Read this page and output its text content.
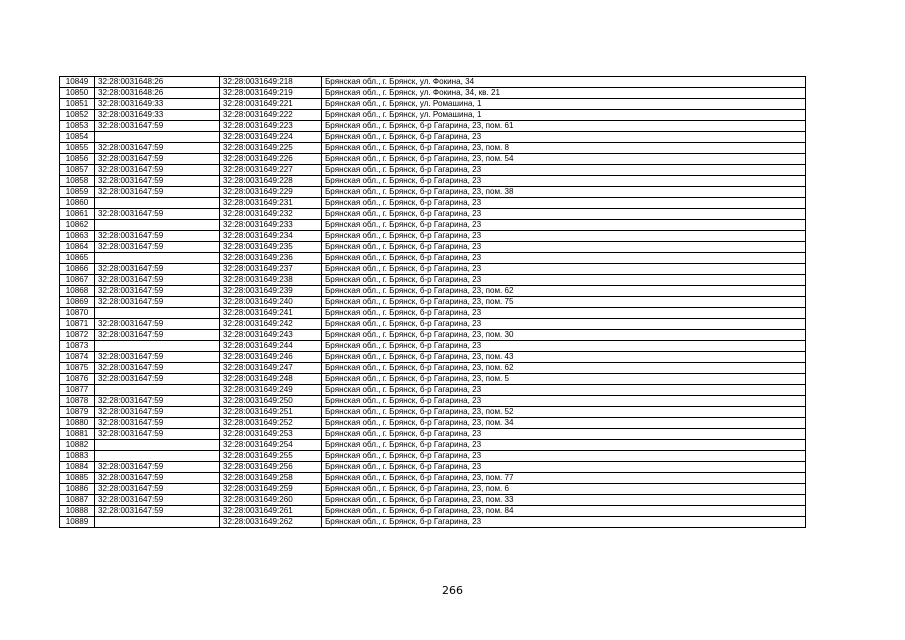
10849	32:28:0031648:26	32:28:0031649:218	Брянская обл., г. Брянск, ул. Фокина, 34
10850	32:28:0031648:26	32:28:0031649:219	Брянская обл., г. Брянск, ул. Фокина, 34, кв. 21
10851	32:28:0031649:33	32:28:0031649:221	Брянская обл., г. Брянск, ул. Ромашина, 1
10852	32:28:0031649:33	32:28:0031649:222	Брянская обл., г. Брянск, ул. Ромашина, 1
10853	32:28:0031647:59	32:28:0031649:223	Брянская обл., г. Брянск, б-р Гагарина, 23, пом. 61
10854		32:28:0031649:224	Брянская обл., г. Брянск, б-р Гагарина, 23
10855	32:28:0031647:59	32:28:0031649:225	Брянская обл., г. Брянск, б-р Гагарина, 23, пом. 8
10856	32:28:0031647:59	32:28:0031649:226	Брянская обл., г. Брянск, б-р Гагарина, 23, пом. 54
10857	32:28:0031647:59	32:28:0031649:227	Брянская обл., г. Брянск, б-р Гагарина, 23
10858	32:28:0031647:59	32:28:0031649:228	Брянская обл., г. Брянск, б-р Гагарина, 23
10859	32:28:0031647:59	32:28:0031649:229	Брянская обл., г. Брянск, б-р Гагарина, 23, пом. 38
10860		32:28:0031649:231	Брянская обл., г. Брянск, б-р Гагарина, 23
10861	32:28:0031647:59	32:28:0031649:232	Брянская обл., г. Брянск, б-р Гагарина, 23
10862		32:28:0031649:233	Брянская обл., г. Брянск, б-р Гагарина, 23
10863	32:28:0031647:59	32:28:0031649:234	Брянская обл., г. Брянск, б-р Гагарина, 23
10864	32:28:0031647:59	32:28:0031649:235	Брянская обл., г. Брянск, б-р Гагарина, 23
10865		32:28:0031649:236	Брянская обл., г. Брянск, б-р Гагарина, 23
10866	32:28:0031647:59	32:28:0031649:237	Брянская обл., г. Брянск, б-р Гагарина, 23
10867	32:28:0031647:59	32:28:0031649:238	Брянская обл., г. Брянск, б-р Гагарина, 23
10868	32:28:0031647:59	32:28:0031649:239	Брянская обл., г. Брянск, б-р Гагарина, 23, пом. 62
10869	32:28:0031647:59	32:28:0031649:240	Брянская обл., г. Брянск, б-р Гагарина, 23, пом. 75
10870		32:28:0031649:241	Брянская обл., г. Брянск, б-р Гагарина, 23
10871	32:28:0031647:59	32:28:0031649:242	Брянская обл., г. Брянск, б-р Гагарина, 23
10872	32:28:0031647:59	32:28:0031649:243	Брянская обл., г. Брянск, б-р Гагарина, 23, пом. 30
10873		32:28:0031649:244	Брянская обл., г. Брянск, б-р Гагарина, 23
10874	32:28:0031647:59	32:28:0031649:246	Брянская обл., г. Брянск, б-р Гагарина, 23, пом. 43
10875	32:28:0031647:59	32:28:0031649:247	Брянская обл., г. Брянск, б-р Гагарина, 23, пом. 62
10876	32:28:0031647:59	32:28:0031649:248	Брянская обл., г. Брянск, б-р Гагарина, 23, пом. 5
10877		32:28:0031649:249	Брянская обл., г. Брянск, б-р Гагарина, 23
10878	32:28:0031647:59	32:28:0031649:250	Брянская обл., г. Брянск, б-р Гагарина, 23
10879	32:28:0031647:59	32:28:0031649:251	Брянская обл., г. Брянск, б-р Гагарина, 23, пом. 52
10880	32:28:0031647:59	32:28:0031649:252	Брянская обл., г. Брянск, б-р Гагарина, 23, пом. 34
10881	32:28:0031647:59	32:28:0031649:253	Брянская обл., г. Брянск, б-р Гагарина, 23
10882		32:28:0031649:254	Брянская обл., г. Брянск, б-р Гагарина, 23
10883		32:28:0031649:255	Брянская обл., г. Брянск, б-р Гагарина, 23
10884	32:28:0031647:59	32:28:0031649:256	Брянская обл., г. Брянск, б-р Гагарина, 23
10885	32:28:0031647:59	32:28:0031649:258	Брянская обл., г. Брянск, б-р Гагарина, 23, пом. 77
10886	32:28:0031647:59	32:28:0031649:259	Брянская обл., г. Брянск, б-р Гагарина, 23, пом. 6
10887	32:28:0031647:59	32:28:0031649:260	Брянская обл., г. Брянск, б-р Гагарина, 23, пом. 33
10888	32:28:0031647:59	32:28:0031649:261	Брянская обл., г. Брянск, б-р Гагарина, 23, пом. 84
10889		32:28:0031649:262	Брянская обл., г. Брянск, б-р Гагарина, 23
266
